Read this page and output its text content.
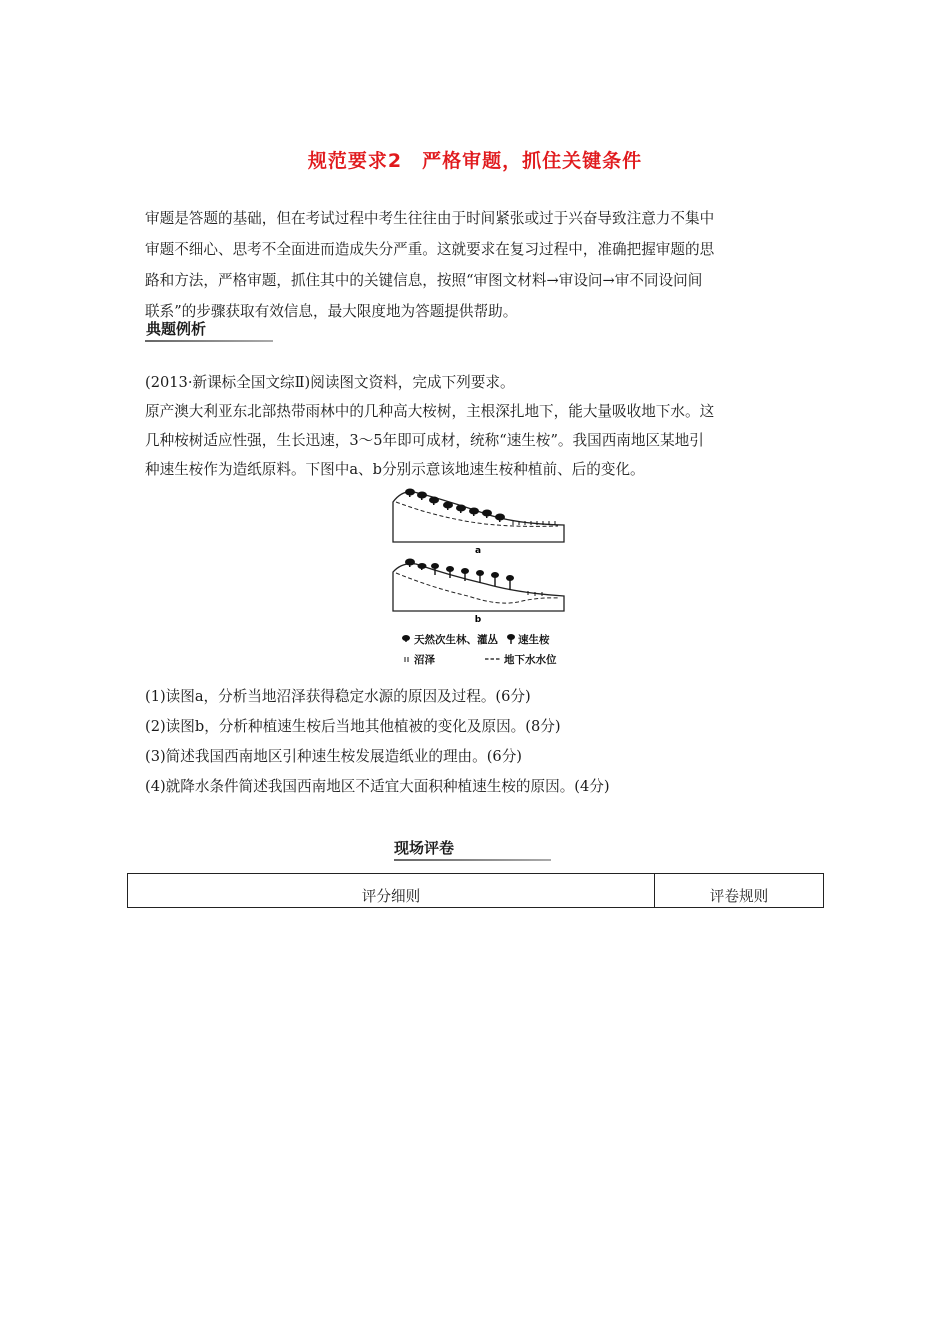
规范要求2　严格审题，抓住关键条件
审题是答题的基础，但在考试过程中考生往往由于时间紧张或过于兴奋导致注意力不集中
审题不细心、思考不全面进而造成失分严重。这就要求在复习过程中，准确把握审题的思
路和方法，严格审题，抓住其中的关键信息，按照“审图文材料→审设问→审不同设问间
联系”的步骤获取有效信息，最大限度地为答题提供帮助。
典题例析
(2013·新课标全国文综Ⅱ)阅读图文资料，完成下列要求。
原产澳大利亚东北部热带雨林中的几种高大桉树，主根深扎地下，能大量吸收地下水。这
几种桉树适应性强，生长迅速，3～5年即可成材，统称“速生桉”。我国西南地区某地引
种速生桉作为造纸原料。下图中a、b分别示意该地速生桉种植前、后的变化。
a
b
天然次生林、灌丛 速生桉
沼泽	地下水水位
(1)读图a，分析当地沼泽获得稳定水源的原因及过程。(6分)
(2)读图b，分析种植速生桉后当地其他植被的变化及原因。(8分)
(3)简述我国西南地区引种速生桉发展造纸业的理由。(6分)
(4)就降水条件简述我国西南地区不适宜大面积种植速生桉的原因。(4分)
现场评卷
评分细则	评卷规则
